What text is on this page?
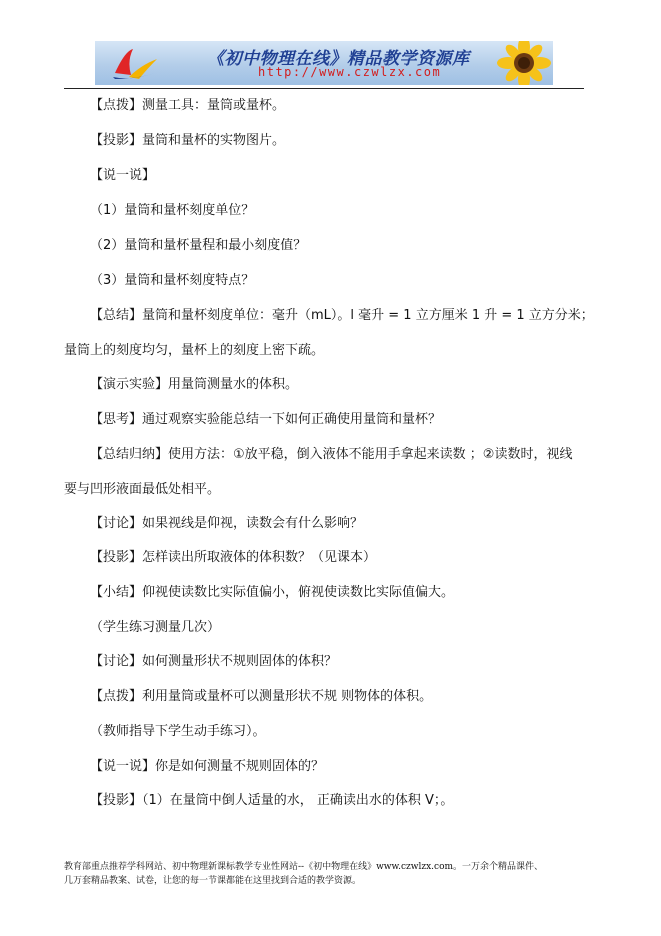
《初中物理在线》精品教学资源库
http://www.czwlzx.com
【点拨】测量工具：量筒或量杯。
【投影】量筒和量杯的实物图片。
【说一说】
（1）量筒和量杯刻度单位？
（2）量筒和量杯量程和最小刻度值？
（3）量筒和量杯刻度特点？
【总结】量筒和量杯刻度单位：毫升（mL）。l 毫升 = 1 立方厘米 1 升 = 1 立方分米；
量筒上的刻度均匀，量杯上的刻度上密下疏。
【演示实验】用量筒测量水的体积。
【思考】通过观察实验能总结一下如何正确使用量筒和量杯？
【总结归纳】使用方法：①放平稳，倒入液体不能用手拿起来读数 ；②读数时，视线
要与凹形液面最低处相平。
【讨论】如果视线是仰视，读数会有什么影响？
【投影】怎样读出所取液体的体积数？（见课本）
【小结】仰视使读数比实际值偏小，俯视使读数比实际值偏大。
（学生练习测量几次）
【讨论】如何测量形状不规则固体的体积？
【点拨】利用量筒或量杯可以测量形状不规 则物体的体积。
（教师指导下学生动手练习）。
【说一说】你是如何测量不规则固体的？
【投影】（1）在量筒中倒人适量的水， 正确读出水的体积 V；。
教育部重点推荐学科网站、初中物理新课标教学专业性网站--《初中物理在线》www.czwlzx.com。一万余个精品课件、
几万套精品教案、试卷，让您的每一节课都能在这里找到合适的教学资源。
